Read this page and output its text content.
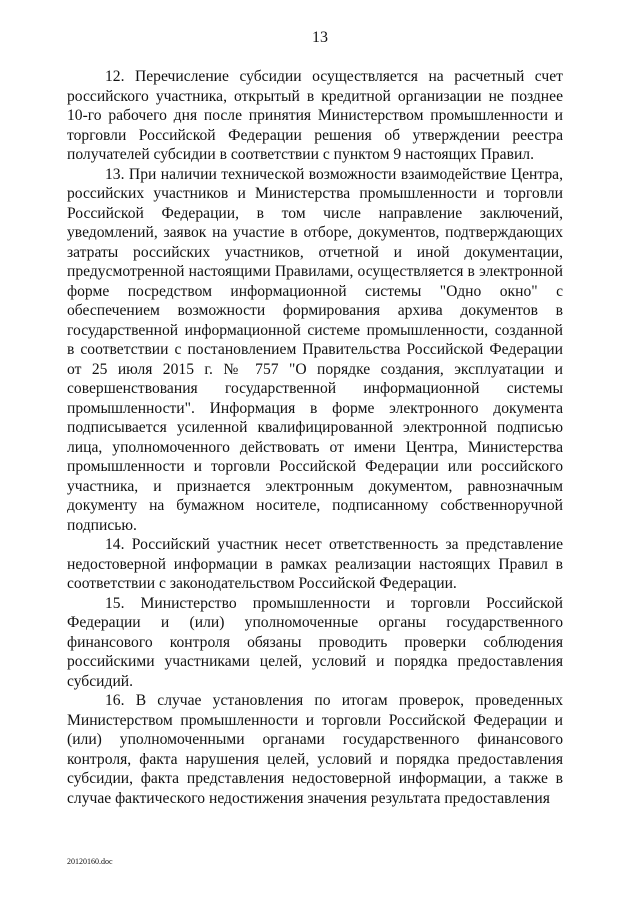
13

12. Перечисление субсидии осуществляется на расчетный счет российского участника, открытый в кредитной организации не позднее 10-го рабочего дня после принятия Министерством промышленности и торговли Российской Федерации решения об утверждении реестра получателей субсидии в соответствии с пунктом 9 настоящих Правил.

13. При наличии технической возможности взаимодействие Центра, российских участников и Министерства промышленности и торговли Российской Федерации, в том числе направление заключений, уведомлений, заявок на участие в отборе, документов, подтверждающих затраты российских участников, отчетной и иной документации, предусмотренной настоящими Правилами, осуществляется в электронной форме посредством информационной системы "Одно окно" с обеспечением возможности формирования архива документов в государственной информационной системе промышленности, созданной в соответствии с постановлением Правительства Российской Федерации от 25 июля 2015 г. № 757 "О порядке создания, эксплуатации и совершенствования государственной информационной системы промышленности". Информация в форме электронного документа подписывается усиленной квалифицированной электронной подписью лица, уполномоченного действовать от имени Центра, Министерства промышленности и торговли Российской Федерации или российского участника, и признается электронным документом, равнозначным документу на бумажном носителе, подписанному собственноручной подписью.

14. Российский участник несет ответственность за представление недостоверной информации в рамках реализации настоящих Правил в соответствии с законодательством Российской Федерации.

15. Министерство промышленности и торговли Российской Федерации и (или) уполномоченные органы государственного финансового контроля обязаны проводить проверки соблюдения российскими участниками целей, условий и порядка предоставления субсидий.

16. В случае установления по итогам проверок, проведенных Министерством промышленности и торговли Российской Федерации и (или) уполномоченными органами государственного финансового контроля, факта нарушения целей, условий и порядка предоставления субсидии, факта представления недостоверной информации, а также в случае фактического недостижения значения результата предоставления

20120160.doc
